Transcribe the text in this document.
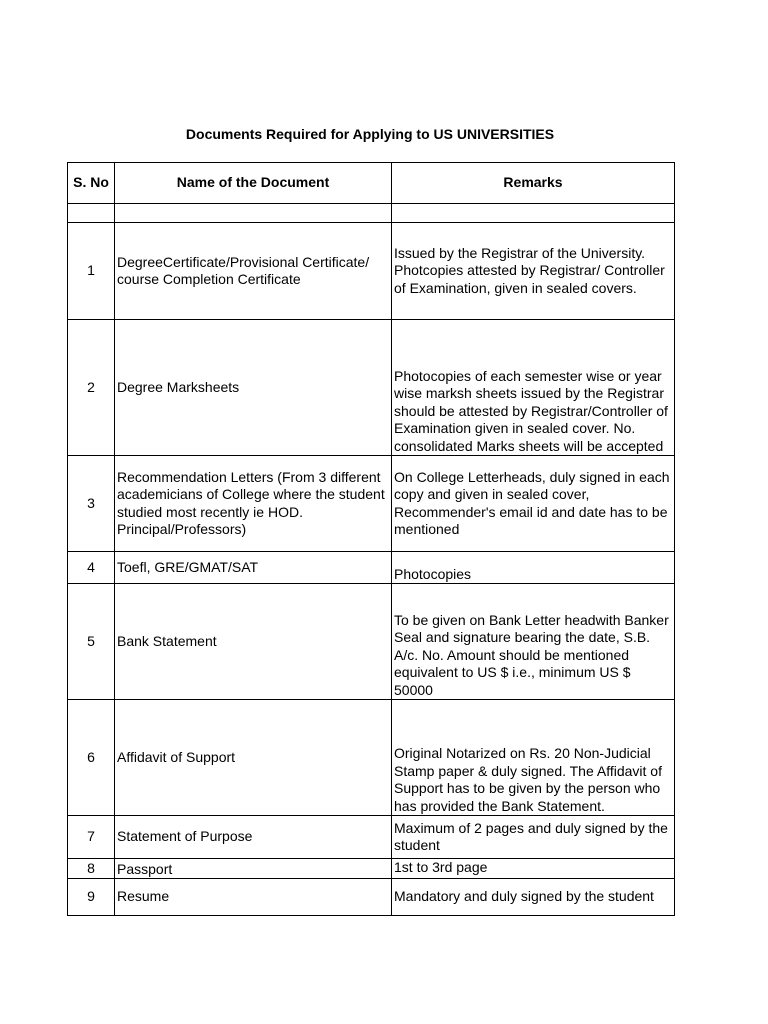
Documents Required for Applying to US UNIVERSITIES
S. No	Name of the Document	Remarks

1	DegreeCertificate/Provisional Certificate/ course Completion Certificate	Issued by the Registrar of the University. Photcopies attested by Registrar/ Controller of Examination, given in sealed covers.
2	Degree Marksheets	Photocopies of each semester wise or year wise marksh sheets issued by the Registrar should be attested by Registrar/Controller of Examination given in sealed cover. No. consolidated Marks sheets will be accepted
3	Recommendation Letters (From 3 different academicians of College where the student studied most recently ie HOD. Principal/Professors)	On College Letterheads, duly signed in each copy and given in sealed cover, Recommender's email id and date has to be mentioned
4	Toefl, GRE/GMAT/SAT	Photocopies
5	Bank Statement	To be given on Bank Letter headwith Banker Seal and signature bearing the date, S.B. A/c. No. Amount should be mentioned equivalent to US $ i.e., minimum US $ 50000
6	Affidavit of Support	Original Notarized on Rs. 20 Non-Judicial Stamp paper & duly signed. The Affidavit of Support has to be given by the person who has provided the Bank Statement.
7	Statement of Purpose	Maximum of 2 pages and duly signed by the student
8	Passport	1st to 3rd page
9	Resume	Mandatory and duly signed by the student
